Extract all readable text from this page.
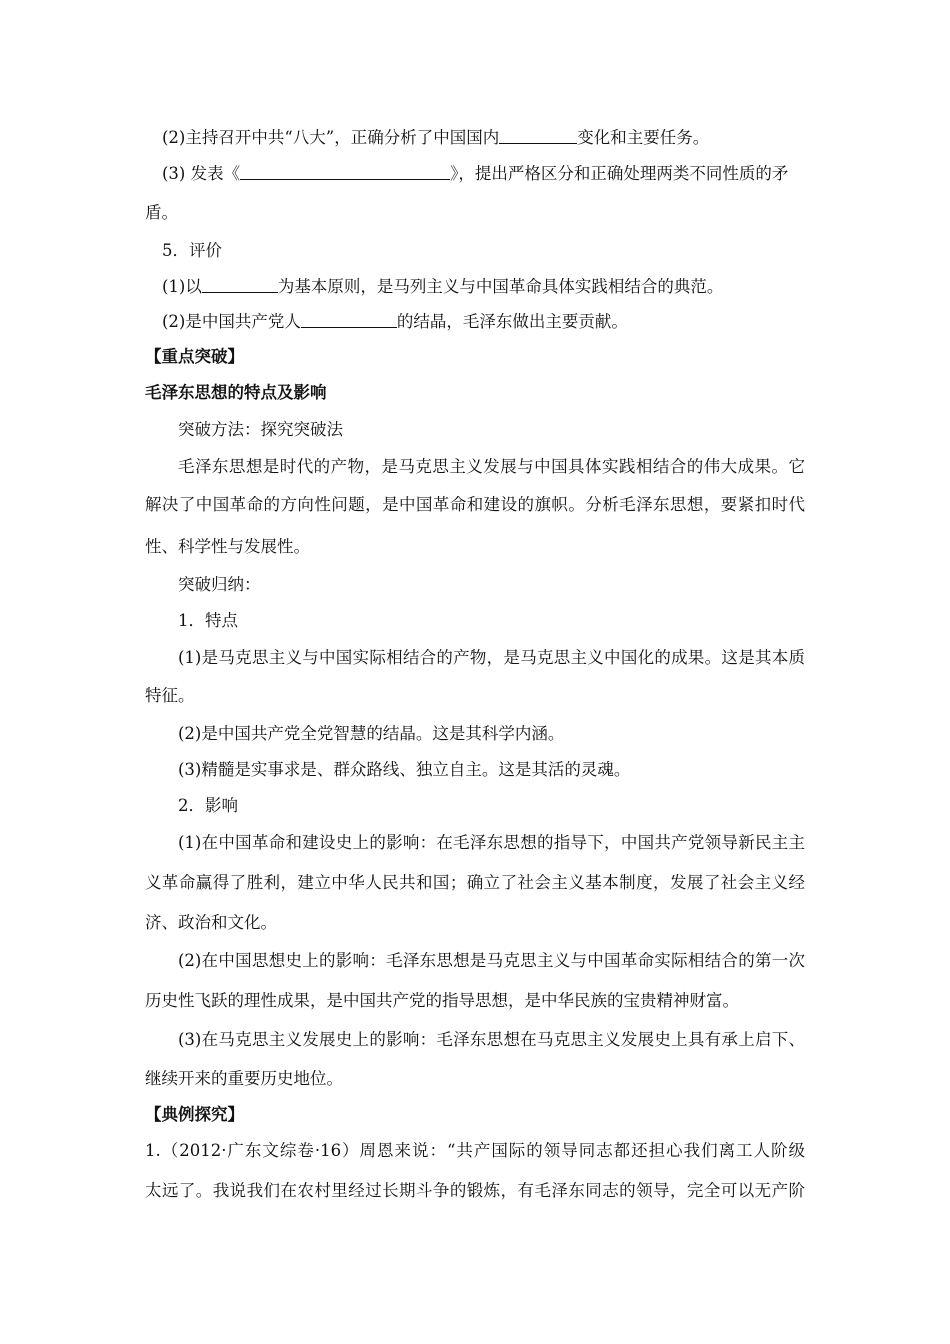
(2)主持召开中共“八大”，正确分析了中国国内	变化和主要任务。
(3) 发表《	》，提出严格区分和正确处理两类不同性质的矛
盾。
5．评价
(1)以	为基本原则，是马列主义与中国革命具体实践相结合的典范。
(2)是中国共产党人	的结晶，毛泽东做出主要贡献。
【重点突破】
毛泽东思想的特点及影响
突破方法：探究突破法
毛泽东思想是时代的产物，是马克思主义发展与中国具体实践相结合的伟大成果。它
解决了中国革命的方向性问题，是中国革命和建设的旗帜。分析毛泽东思想，要紧扣时代
性、科学性与发展性。
突破归纳：
1．特点
(1)是马克思主义与中国实际相结合的产物，是马克思主义中国化的成果。这是其本质
特征。
(2)是中国共产党全党智慧的结晶。这是其科学内涵。
(3)精髓是实事求是、群众路线、独立自主。这是其活的灵魂。
2．影响
(1)在中国革命和建设史上的影响：在毛泽东思想的指导下，中国共产党领导新民主主
义革命赢得了胜利，建立中华人民共和国；确立了社会主义基本制度，发展了社会主义经
济、政治和文化。
(2)在中国思想史上的影响：毛泽东思想是马克思主义与中国革命实际相结合的第一次
历史性飞跃的理性成果，是中国共产党的指导思想，是中华民族的宝贵精神财富。
(3)在马克思主义发展史上的影响：毛泽东思想在马克思主义发展史上具有承上启下、
继续开来的重要历史地位。
【典例探究】
1.（2012·广东文综卷·16）周恩来说：“共产国际的领导同志都还担心我们离工人阶级
太远了。我说我们在农村里经过长期斗争的锻炼，有毛泽东同志的领导，完全可以无产阶
